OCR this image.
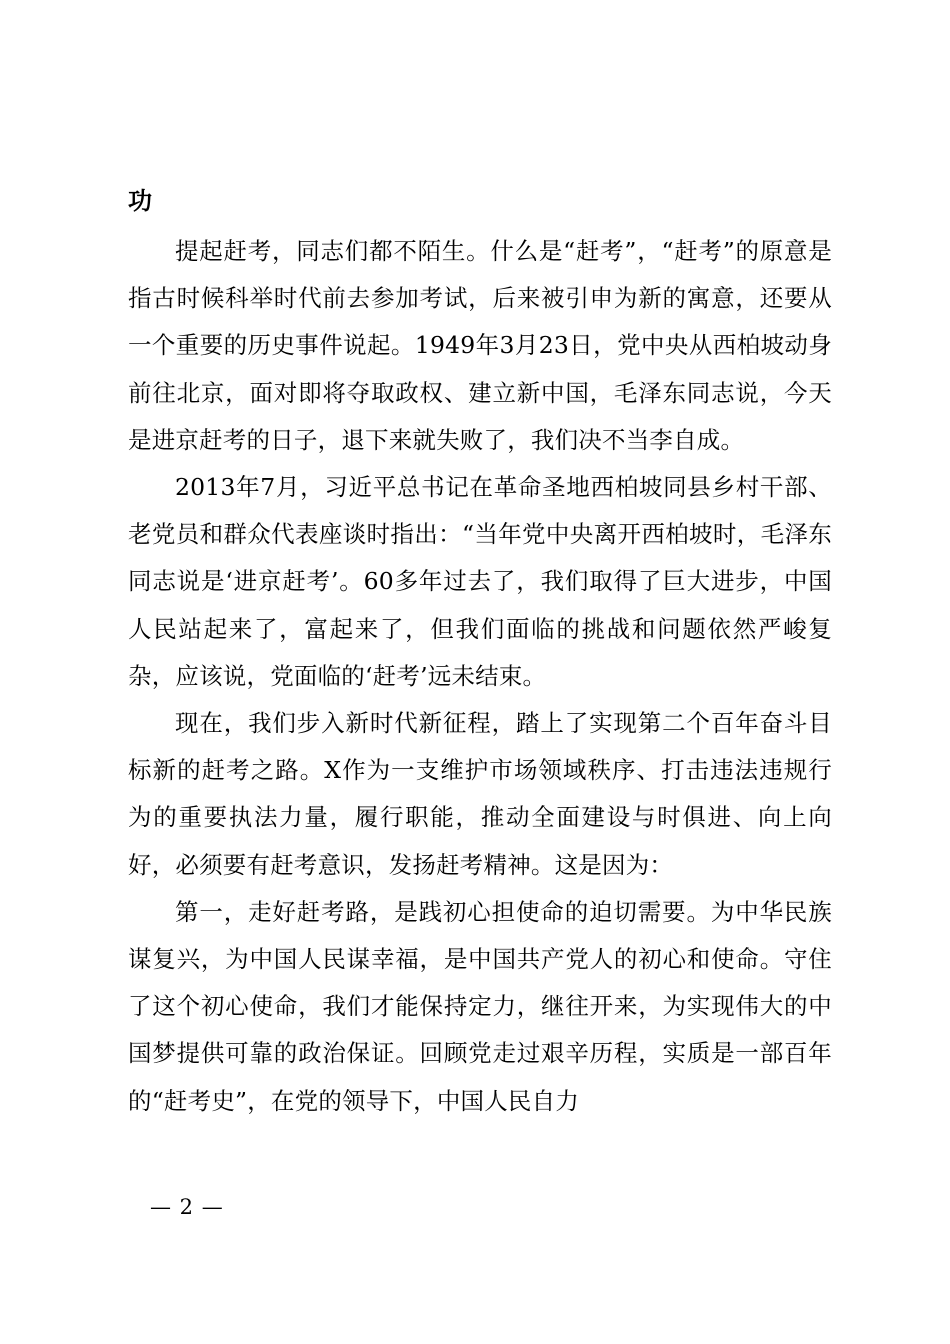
功

提起赶考，同志们都不陌生。什么是“赶考”，“赶考”的原意是指古时候科举时代前去参加考试，后来被引申为新的寓意，还要从一个重要的历史事件说起。1949年3月23日，党中央从西柏坡动身前往北京，面对即将夺取政权、建立新中国，毛泽东同志说，今天是进京赶考的日子，退下来就失败了，我们决不当李自成。

2013年7月，习近平总书记在革命圣地西柏坡同县乡村干部、老党员和群众代表座谈时指出：“当年党中央离开西柏坡时，毛泽东同志说是‘进京赶考’。60多年过去了，我们取得了巨大进步，中国人民站起来了，富起来了，但我们面临的挑战和问题依然严峻复杂，应该说，党面临的‘赶考’远未结束。

现在，我们步入新时代新征程，踏上了实现第二个百年奋斗目标新的赶考之路。X作为一支维护市场领域秩序、打击违法违规行为的重要执法力量，履行职能，推动全面建设与时俱进、向上向好，必须要有赶考意识，发扬赶考精神。这是因为：

第一，走好赶考路，是践初心担使命的迫切需要。为中华民族谋复兴，为中国人民谋幸福，是中国共产党人的初心和使命。守住了这个初心使命，我们才能保持定力，继往开来，为实现伟大的中国梦提供可靠的政治保证。回顾党走过艰辛历程，实质是一部百年的“赶考史”，在党的领导下，中国人民自力

— 2 —
